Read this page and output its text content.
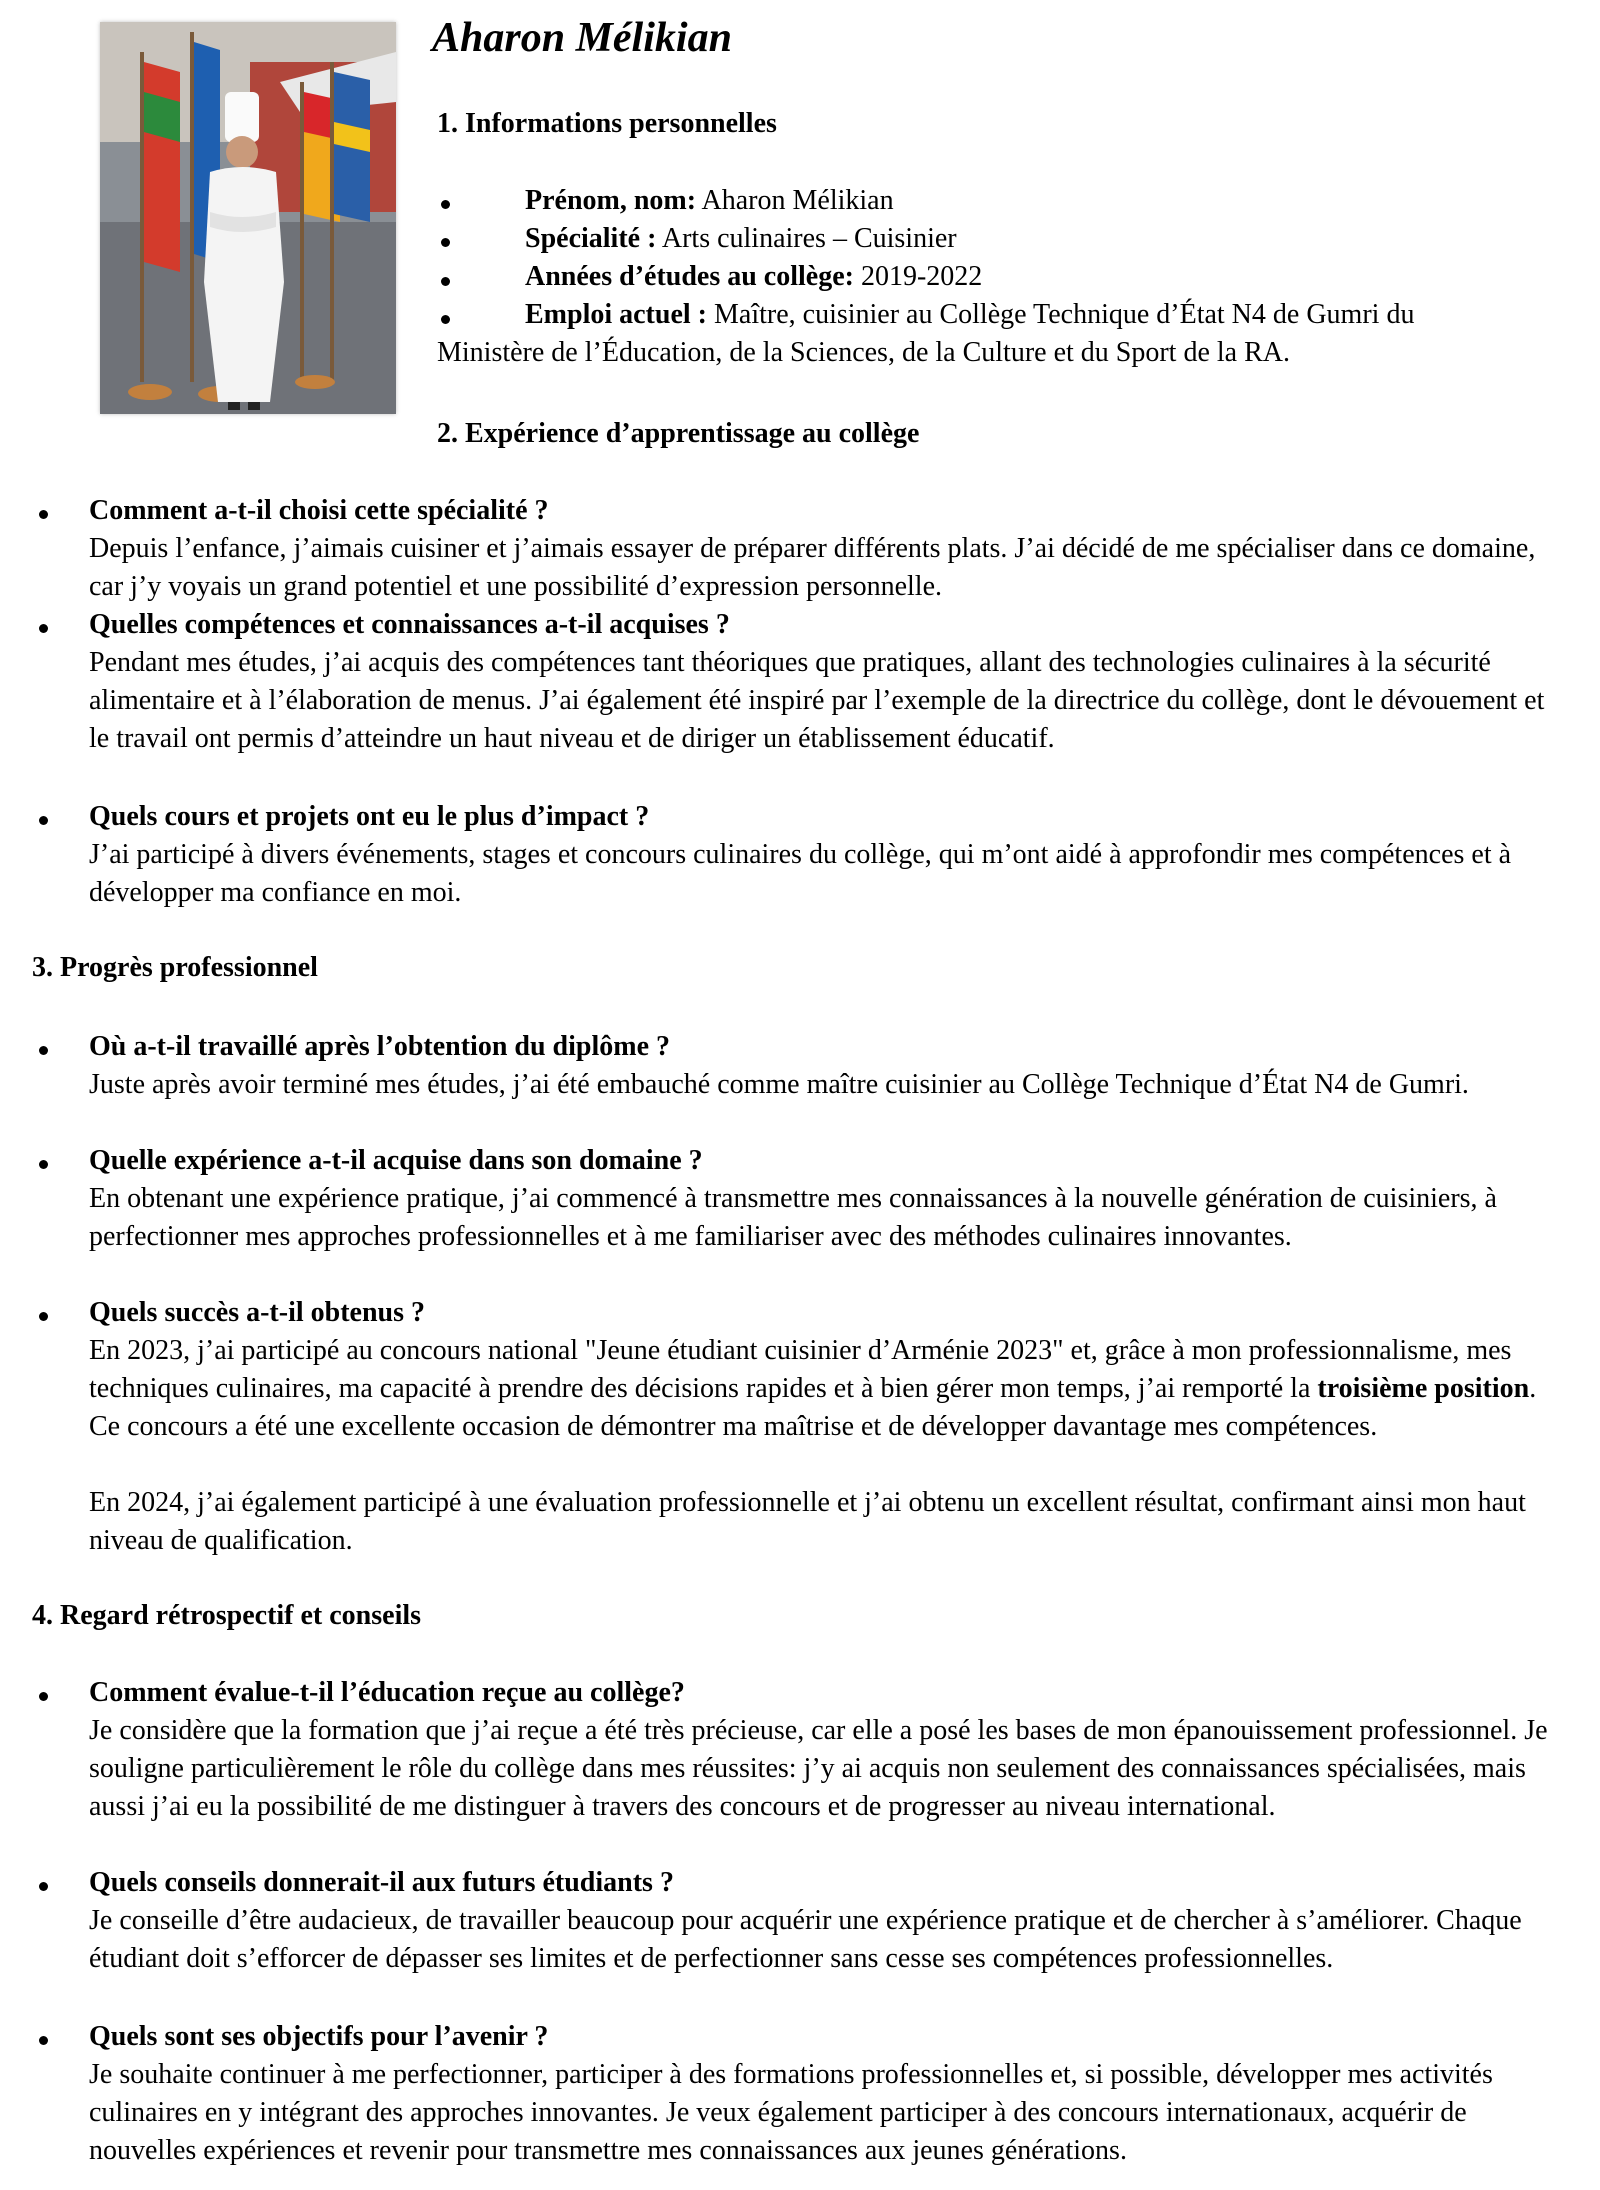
Aharon Mélikian
1. Informations personnelles
Prénom, nom: Aharon Mélikian
Spécialité : Arts culinaires – Cuisinier
Années d’études au collège: 2019-2022
Emploi actuel : Maître, cuisinier au Collège Technique d’État N4 de Gumri du
Ministère de l’Éducation, de la Sciences, de la Culture et du Sport de la RA.
2. Expérience d’apprentissage au collège
Comment a-t-il choisi cette spécialité ?
Depuis l’enfance, j’aimais cuisiner et j’aimais essayer de préparer différents plats. J’ai décidé de me spécialiser dans ce domaine, car j’y voyais un grand potentiel et une possibilité d’expression personnelle.
Quelles compétences et connaissances a-t-il acquises ?
Pendant mes études, j’ai acquis des compétences tant théoriques que pratiques, allant des technologies culinaires à la sécurité alimentaire et à l’élaboration de menus. J’ai également été inspiré par l’exemple de la directrice du collège, dont le dévouement et le travail ont permis d’atteindre un haut niveau et de diriger un établissement éducatif.
Quels cours et projets ont eu le plus d’impact ?
J’ai participé à divers événements, stages et concours culinaires du collège, qui m’ont aidé à approfondir mes compétences et à développer ma confiance en moi.
3. Progrès professionnel
Où a-t-il travaillé après l’obtention du diplôme ?
Juste après avoir terminé mes études, j’ai été embauché comme maître cuisinier au Collège Technique d’État N4 de Gumri.
Quelle expérience a-t-il acquise dans son domaine ?
En obtenant une expérience pratique, j’ai commencé à transmettre mes connaissances à la nouvelle génération de cuisiniers, à perfectionner mes approches professionnelles et à me familiariser avec des méthodes culinaires innovantes.
Quels succès a-t-il obtenus ?
En 2023, j’ai participé au concours national "Jeune étudiant cuisinier d’Arménie 2023" et, grâce à mon professionnalisme, mes techniques culinaires, ma capacité à prendre des décisions rapides et à bien gérer mon temps, j’ai remporté la troisième position. Ce concours a été une excellente occasion de démontrer ma maîtrise et de développer davantage mes compétences.
En 2024, j’ai également participé à une évaluation professionnelle et j’ai obtenu un excellent résultat, confirmant ainsi mon haut niveau de qualification.
4. Regard rétrospectif et conseils
Comment évalue-t-il l’éducation reçue au collège?
Je considère que la formation que j’ai reçue a été très précieuse, car elle a posé les bases de mon épanouissement professionnel. Je souligne particulièrement le rôle du collège dans mes réussites: j’y ai acquis non seulement des connaissances spécialisées, mais aussi j’ai eu la possibilité de me distinguer à travers des concours et de progresser au niveau international.
Quels conseils donnerait-il aux futurs étudiants ?
Je conseille d’être audacieux, de travailler beaucoup pour acquérir une expérience pratique et de chercher à s’améliorer. Chaque étudiant doit s’efforcer de dépasser ses limites et de perfectionner sans cesse ses compétences professionnelles.
Quels sont ses objectifs pour l’avenir ?
Je souhaite continuer à me perfectionner, participer à des formations professionnelles et, si possible, développer mes activités culinaires en y intégrant des approches innovantes. Je veux également participer à des concours internationaux, acquérir de nouvelles expériences et revenir pour transmettre mes connaissances aux jeunes générations.
